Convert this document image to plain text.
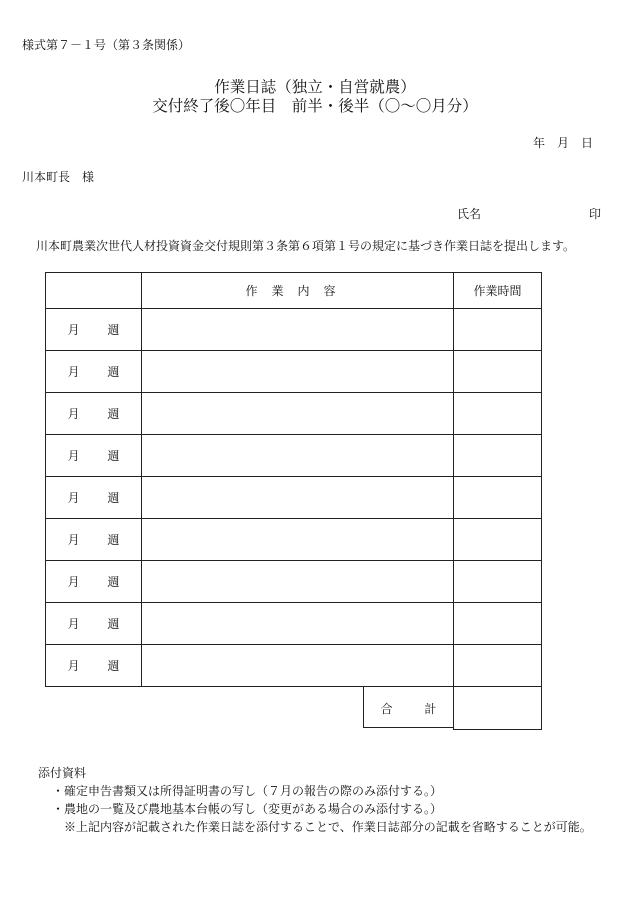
様式第７－１号（第３条関係）
作業日誌（独立・自営就農）
交付終了後〇年目　前半・後半（〇～〇月分）
年　月　日
川本町長　様
氏名	印
川本町農業次世代人材投資資金交付規則第３条第６項第１号の規定に基づき作業日誌を提出します。
	作業内容	作業時間
月 週		
月 週		
月 週		
月 週		
月 週		
月 週		
月 週		
月 週		
月 週		

	合 計	

添付資料
・確定申告書類又は所得証明書の写し（７月の報告の際のみ添付する。）
・農地の一覧及び農地基本台帳の写し（変更がある場合のみ添付する。）
※上記内容が記載された作業日誌を添付することで、作業日誌部分の記載を省略することが可能。
